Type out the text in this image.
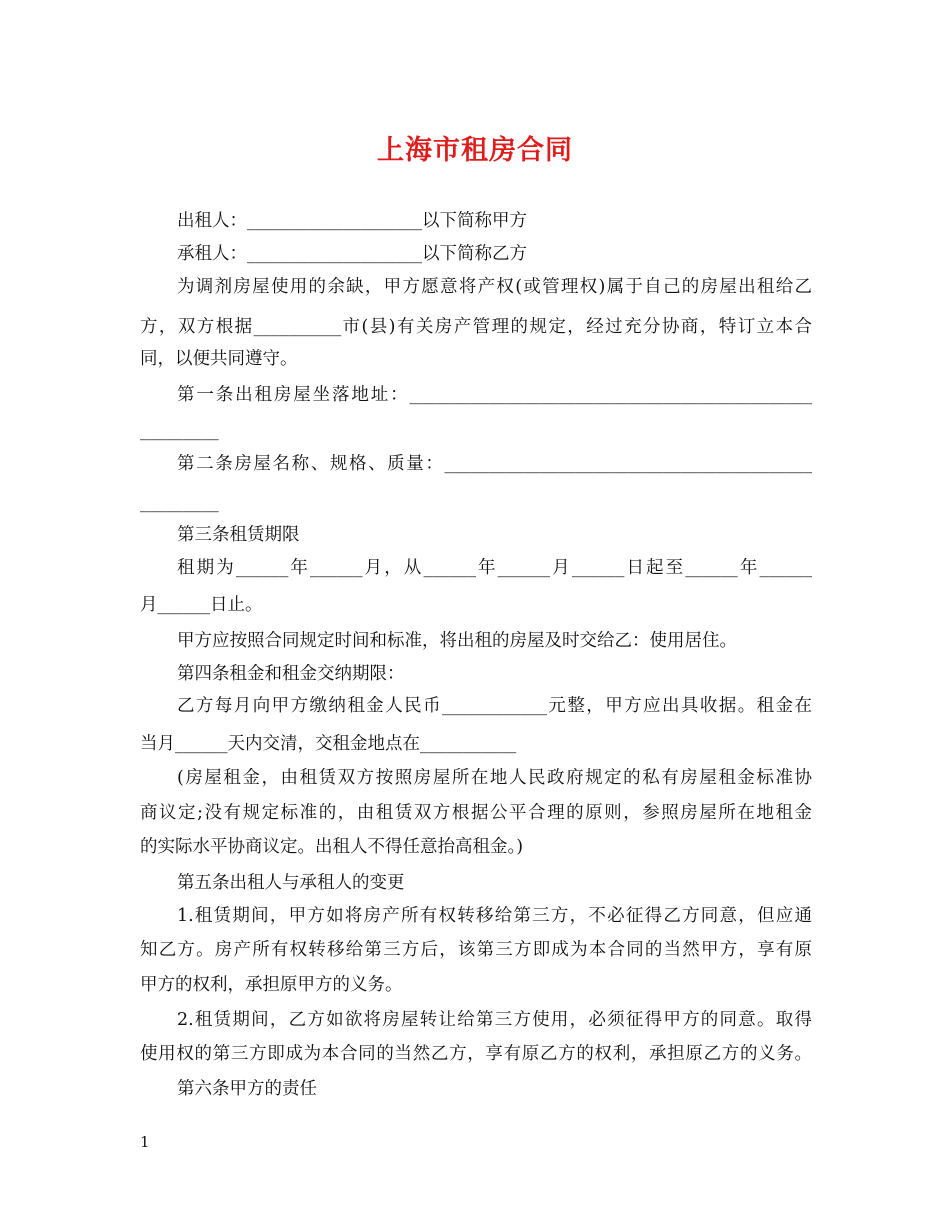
上海市租房合同
出租人：____________________以下简称甲方
承租人：____________________以下简称乙方
为调剂房屋使用的余缺，甲方愿意将产权(或管理权)属于自己的房屋出租给乙
方，双方根据__________市(县)有关房产管理的规定，经过充分协商，特订立本合
同，以便共同遵守。
第一条出租房屋坐落地址：______________________________________________
_________
第二条房屋名称、规格、质量：__________________________________________
_________
第三条租赁期限
租期为______年______月，从______年______月______日起至______年______
月______日止。
甲方应按照合同规定时间和标准，将出租的房屋及时交给乙：使用居住。
第四条租金和租金交纳期限：
乙方每月向甲方缴纳租金人民币____________元整，甲方应出具收据。租金在
当月______天内交清，交租金地点在___________
(房屋租金，由租赁双方按照房屋所在地人民政府规定的私有房屋租金标准协
商议定;没有规定标准的，由租赁双方根据公平合理的原则，参照房屋所在地租金
的实际水平协商议定。出租人不得任意抬高租金。)
第五条出租人与承租人的变更
1.租赁期间，甲方如将房产所有权转移给第三方，不必征得乙方同意，但应通
知乙方。房产所有权转移给第三方后，该第三方即成为本合同的当然甲方，享有原
甲方的权利，承担原甲方的义务。
2.租赁期间，乙方如欲将房屋转让给第三方使用，必须征得甲方的同意。取得
使用权的第三方即成为本合同的当然乙方，享有原乙方的权利，承担原乙方的义务。
第六条甲方的责任
1
